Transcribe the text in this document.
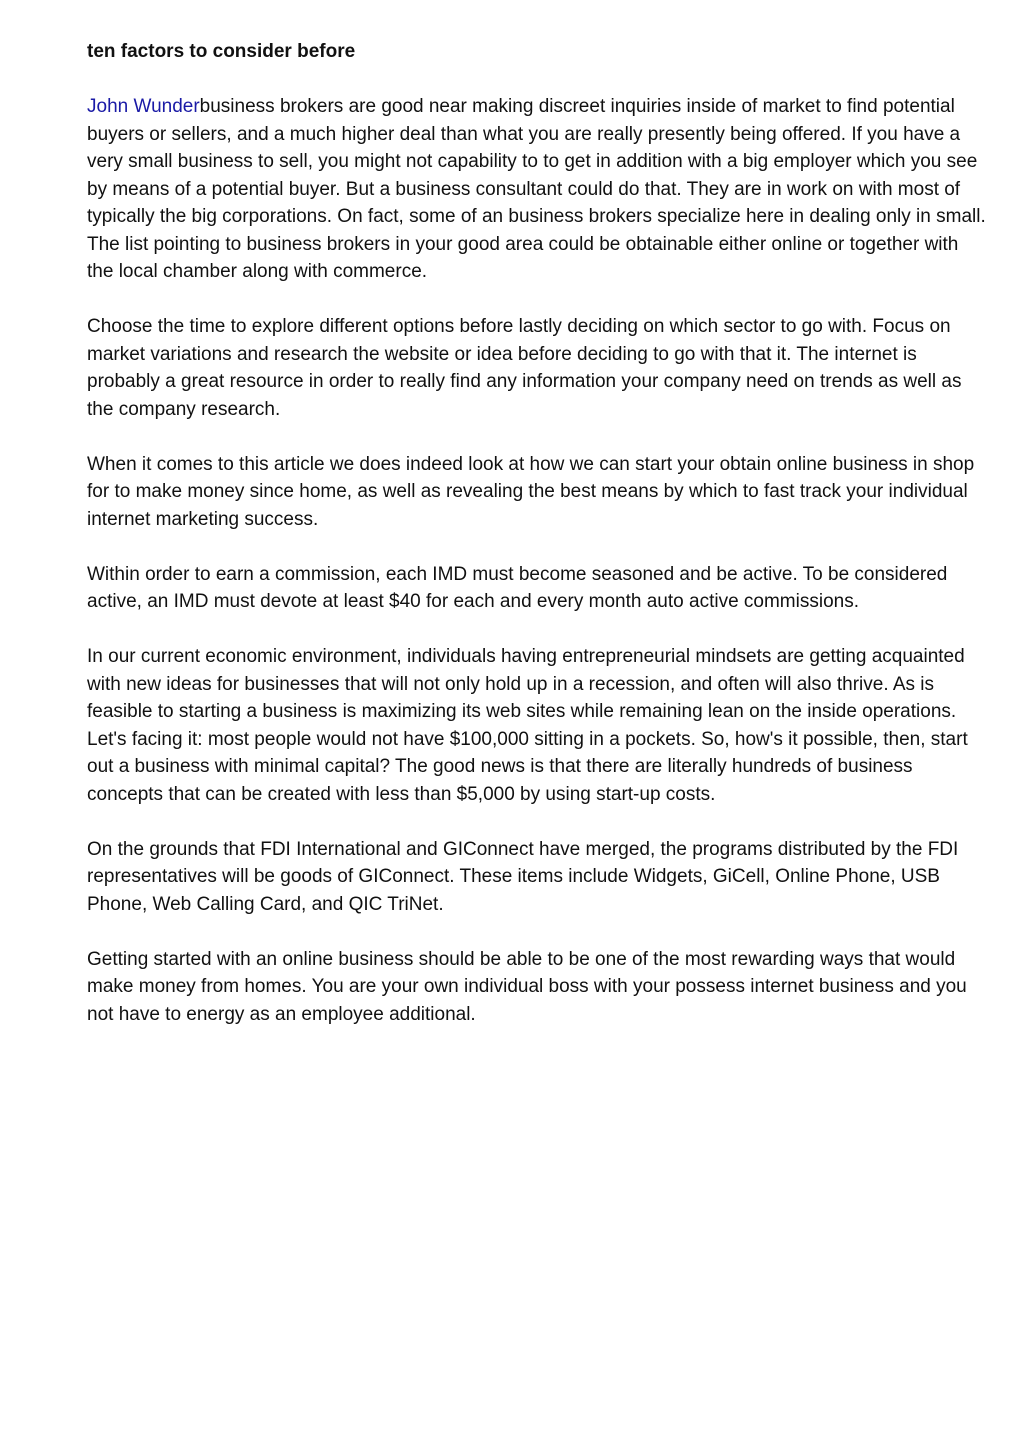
ten factors to consider before

John Wunderbusiness brokers are good near making discreet inquiries inside of market to find potential buyers or sellers, and a much higher deal than what you are really presently being offered. If you have a very small business to sell, you might not capability to to get in addition with a big employer which you see by means of a potential buyer. But a business consultant could do that. They are in work on with most of typically the big corporations. On fact, some of an business brokers specialize here in dealing only in small. The list pointing to business brokers in your good area could be obtainable either online or together with the local chamber along with commerce.

Choose the time to explore different options before lastly deciding on which sector to go with. Focus on market variations and research the website or idea before deciding to go with that it. The internet is probably a great resource in order to really find any information your company need on trends as well as the company research.

When it comes to this article we does indeed look at how we can start your obtain online business in shop for to make money since home, as well as revealing the best means by which to fast track your individual internet marketing success.

Within order to earn a commission, each IMD must become seasoned and be active. To be considered active, an IMD must devote at least $40 for each and every month auto active commissions.

In our current economic environment, individuals having entrepreneurial mindsets are getting acquainted with new ideas for businesses that will not only hold up in a recession, and often will also thrive. As is feasible to starting a business is maximizing its web sites while remaining lean on the inside operations. Let's facing it: most people would not have $100,000 sitting in a pockets. So, how's it possible, then, start out a business with minimal capital? The good news is that there are literally hundreds of business concepts that can be created with less than $5,000 by using start-up costs.

On the grounds that FDI International and GIConnect have merged, the programs distributed by the FDI representatives will be goods of GIConnect. These items include Widgets, GiCell, Online Phone, USB Phone, Web Calling Card, and QIC TriNet.

Getting started with an online business should be able to be one of the most rewarding ways that would make money from homes. You are your own individual boss with your possess internet business and you not have to energy as an employee additional.
